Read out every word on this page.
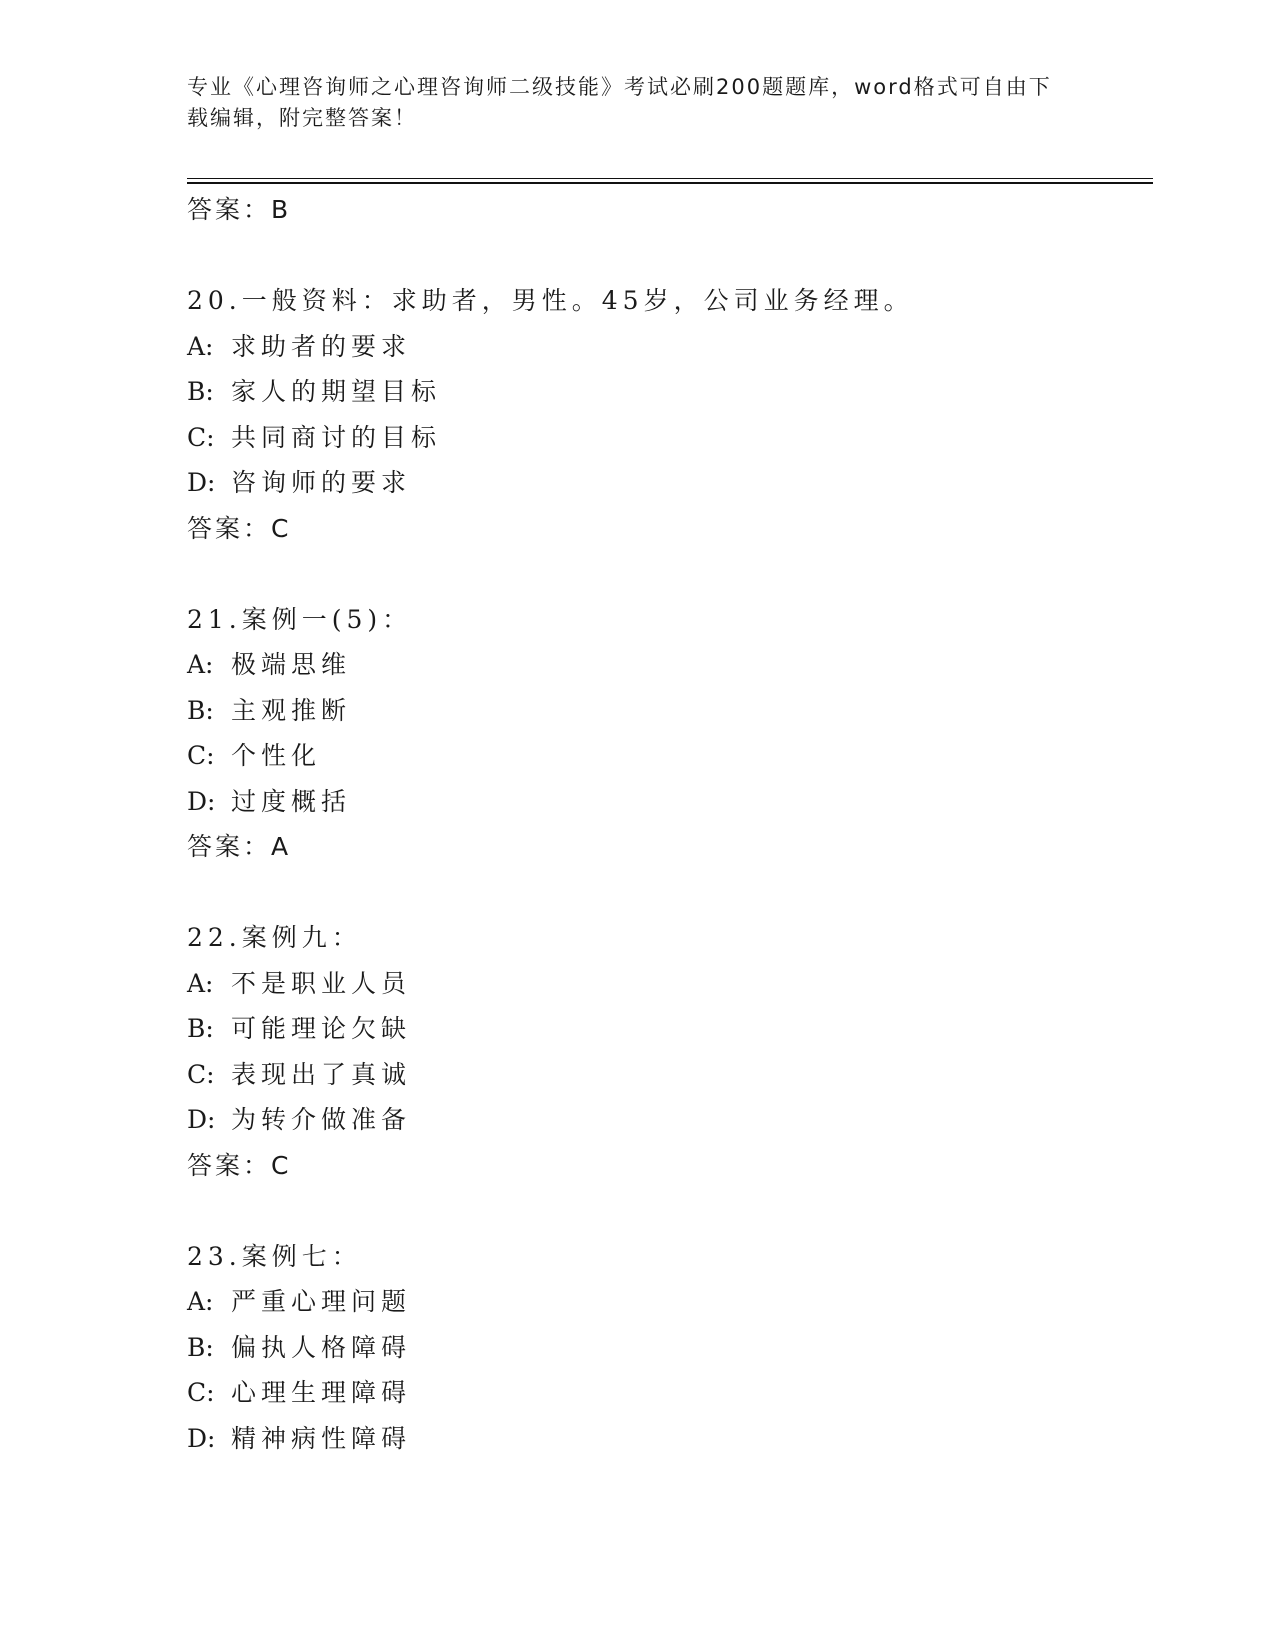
专业《心理咨询师之心理咨询师二级技能》考试必刷200题题库，word格式可自由下载编辑，附完整答案！
答案：B
20.一般资料：求助者，男性。45岁，公司业务经理。
A: 求助者的要求
B: 家人的期望目标
C: 共同商讨的目标
D: 咨询师的要求
答案：C
21.案例一(5)：
A: 极端思维
B: 主观推断
C: 个性化
D: 过度概括
答案：A
22.案例九：
A: 不是职业人员
B: 可能理论欠缺
C: 表现出了真诚
D: 为转介做准备
答案：C
23.案例七：
A: 严重心理问题
B: 偏执人格障碍
C: 心理生理障碍
D: 精神病性障碍
